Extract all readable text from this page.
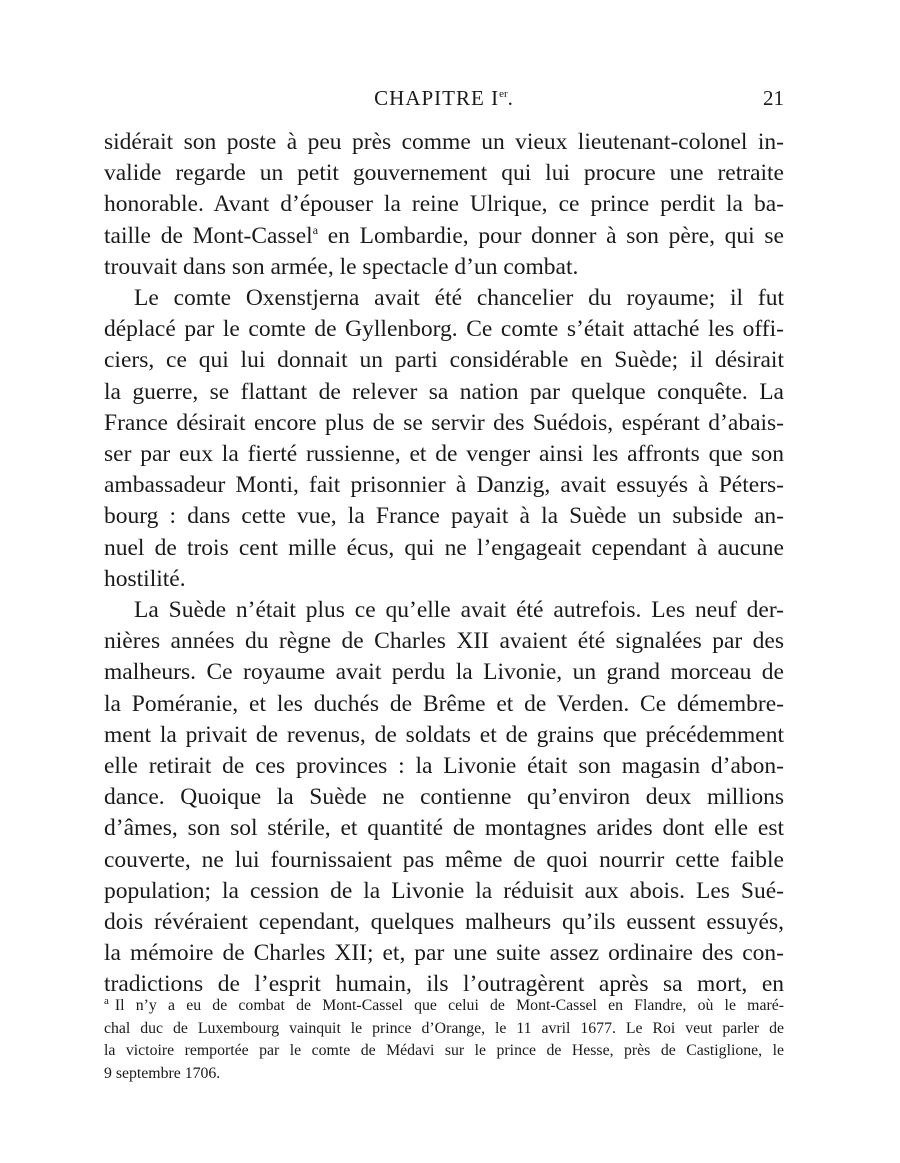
CHAPITRE Ier.	21
sidérait son poste à peu près comme un vieux lieutenant-colonel in-
valide regarde un petit gouvernement qui lui procure une retraite
honorable. Avant d’épouser la reine Ulrique, ce prince perdit la ba-
taille de Mont-Cassel$^a$ en Lombardie, pour donner à son père, qui se
trouvait dans son armée, le spectacle d’un combat.
Le comte Oxenstjerna avait été chancelier du royaume; il fut
déplacé par le comte de Gyllenborg. Ce comte s’était attaché les offi-
ciers, ce qui lui donnait un parti considérable en Suède; il désirait
la guerre, se flattant de relever sa nation par quelque conquête. La
France désirait encore plus de se servir des Suédois, espérant d’abais-
ser par eux la fierté russienne, et de venger ainsi les affronts que son
ambassadeur Monti, fait prisonnier à Danzig, avait essuyés à Péters-
bourg : dans cette vue, la France payait à la Suède un subside an-
nuel de trois cent mille écus, qui ne l’engageait cependant à aucune
hostilité.
La Suède n’était plus ce qu’elle avait été autrefois. Les neuf der-
nières années du règne de Charles XII avaient été signalées par des
malheurs. Ce royaume avait perdu la Livonie, un grand morceau de
la Poméranie, et les duchés de Brême et de Verden. Ce démembre-
ment la privait de revenus, de soldats et de grains que précédemment
elle retirait de ces provinces : la Livonie était son magasin d’abon-
dance. Quoique la Suède ne contienne qu’environ deux millions
d’âmes, son sol stérile, et quantité de montagnes arides dont elle est
couverte, ne lui fournissaient pas même de quoi nourrir cette faible
population; la cession de la Livonie la réduisit aux abois. Les Sué-
dois révéraient cependant, quelques malheurs qu’ils eussent essuyés,
la mémoire de Charles XII; et, par une suite assez ordinaire des con-
tradictions de l’esprit humain, ils l’outragèrent après sa mort, en
$^a$ Il n’y a eu de combat de Mont-Cassel que celui de Mont-Cassel en Flandre, où le maré-
chal duc de Luxembourg vainquit le prince d’Orange, le 11 avril 1677. Le Roi veut parler de
la victoire remportée par le comte de Médavi sur le prince de Hesse, près de Castiglione, le
9 septembre 1706.
